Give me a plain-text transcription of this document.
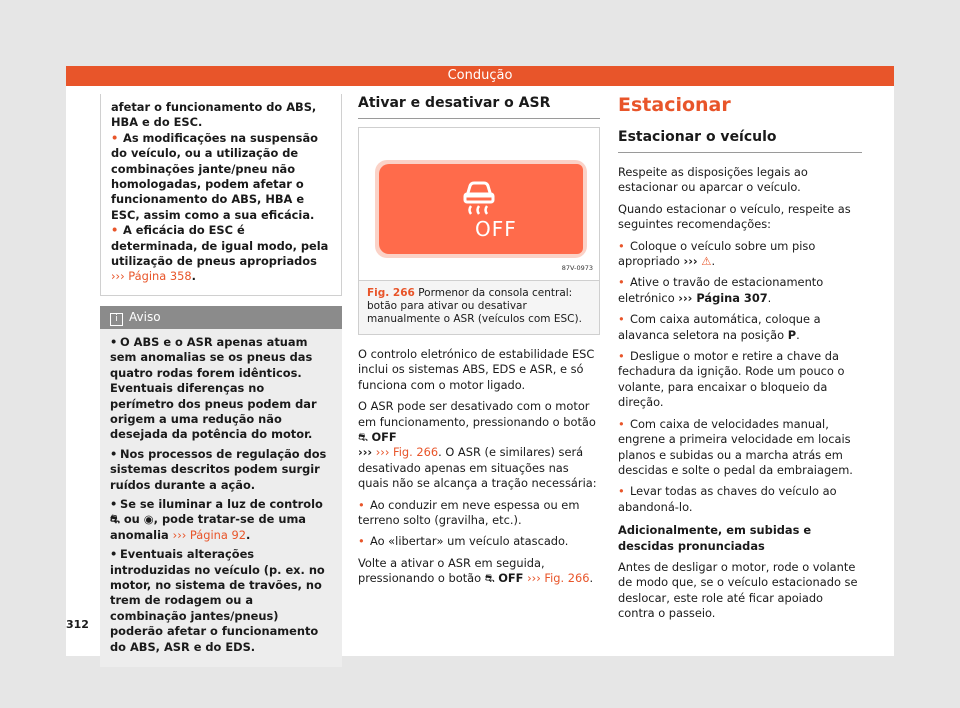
Condução

afetar o funcionamento do ABS, HBA e do ESC.

• As modificações na suspensão do veículo, ou a utilização de combinações jante/pneu não homologadas, podem afetar o funcionamento do ABS, HBA e ESC, assim como a sua eficácia.

• A eficácia do ESC é determinada, de igual modo, pela utilização de pneus apropriados ››› Página 358.

i Aviso

• O ABS e o ASR apenas atuam sem anomalias se os pneus das quatro rodas forem idênticos. Eventuais diferenças no perímetro dos pneus podem dar origem a uma redução não desejada da potência do motor.

• Nos processos de regulação dos sistemas descritos podem surgir ruídos durante a ação.

• Se se iluminar a luz de controlo ⛐ ou ◉, pode tratar-se de uma anomalia ››› Página 92.

• Eventuais alterações introduzidas no veículo (p. ex. no motor, no sistema de travões, no trem de rodagem ou a combinação jantes/pneus) poderão afetar o funcionamento do ABS, ASR e do EDS.

Ativar e desativar o ASR
OFF
87V-0973
Fig. 266 Pormenor da consola central: botão para ativar ou desativar manualmente o ASR (veículos com ESC).

O controlo eletrónico de estabilidade ESC inclui os sistemas ABS, EDS e ASR, e só funciona com o motor ligado.

O ASR pode ser desativado com o motor em funcionamento, pressionando o botão ⛐ OFF
››› ››› Fig. 266. O ASR (e similares) será desativado apenas em situações nas quais não se alcança a tração necessária:

• Ao conduzir em neve espessa ou em terreno solto (gravilha, etc.).

• Ao «libertar» um veículo atascado.

Volte a ativar o ASR em seguida, pressionando o botão ⛐ OFF ››› Fig. 266.

Estacionar
Estacionar o veículo

Respeite as disposições legais ao estacionar ou aparcar o veículo.

Quando estacionar o veículo, respeite as seguintes recomendações:

• Coloque o veículo sobre um piso apropriado ››› ⚠.

• Ative o travão de estacionamento eletrónico ››› Página 307.

• Com caixa automática, coloque a alavanca seletora na posição P.

• Desligue o motor e retire a chave da fechadura da ignição. Rode um pouco o volante, para encaixar o bloqueio da direção.

• Com caixa de velocidades manual, engrene a primeira velocidade em locais planos e subidas ou a marcha atrás em descidas e solte o pedal da embraiagem.

• Levar todas as chaves do veículo ao abandoná-lo.

Adicionalmente, em subidas e descidas pronunciadas

Antes de desligar o motor, rode o volante de modo que, se o veículo estacionado se deslocar, este role até ficar apoiado contra o passeio.

312
